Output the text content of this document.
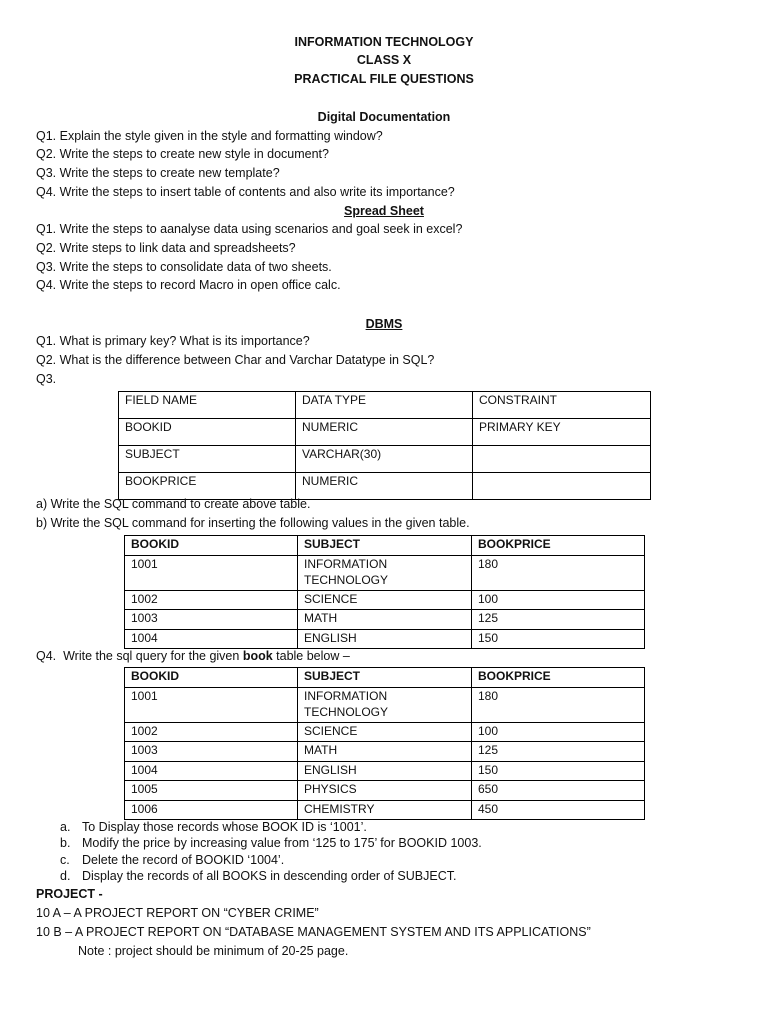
INFORMATION TECHNOLOGY
CLASS X
PRACTICAL FILE QUESTIONS
Digital Documentation
Q1. Explain the style given in the style and formatting window?
Q2. Write the steps to create new style in document?
Q3. Write the steps to create new template?
Q4. Write the steps to insert table of contents and also write its importance?
Spread Sheet
Q1. Write the steps to aanalyse data using scenarios and goal seek in excel?
Q2. Write steps to link data and spreadsheets?
Q3. Write the steps to consolidate data of two sheets.
Q4. Write the steps to record Macro in open office calc.
DBMS
Q1. What is primary key? What is its importance?
Q2. What is the difference between Char and Varchar Datatype in SQL?
Q3.
FIELD NAME	DATA TYPE	CONSTRAINT
BOOKID	NUMERIC	PRIMARY KEY
SUBJECT	VARCHAR(30)	
BOOKPRICE	NUMERIC	
a) Write the SQL command to create above table.
b) Write the SQL command for inserting the following values in the given table.
BOOKID	SUBJECT	BOOKPRICE
1001	INFORMATION TECHNOLOGY	180
1002	SCIENCE	100
1003	MATH	125
1004	ENGLISH	150
Q4.  Write the sql query for the given book table below –
BOOKID	SUBJECT	BOOKPRICE
1001	INFORMATION TECHNOLOGY	180
1002	SCIENCE	100
1003	MATH	125
1004	ENGLISH	150
1005	PHYSICS	650
1006	CHEMISTRY	450
a. To Display those records whose BOOK ID is ‘1001’.
b. Modify the price by increasing value from ‘125 to 175’ for BOOKID 1003.
c. Delete the record of BOOKID ‘1004’.
d. Display the records of all BOOKS in descending order of SUBJECT.
PROJECT -
10 A – A PROJECT REPORT ON “CYBER CRIME”
10 B – A PROJECT REPORT ON “DATABASE MANAGEMENT SYSTEM AND ITS APPLICATIONS”
Note : project should be minimum of 20-25 page.
